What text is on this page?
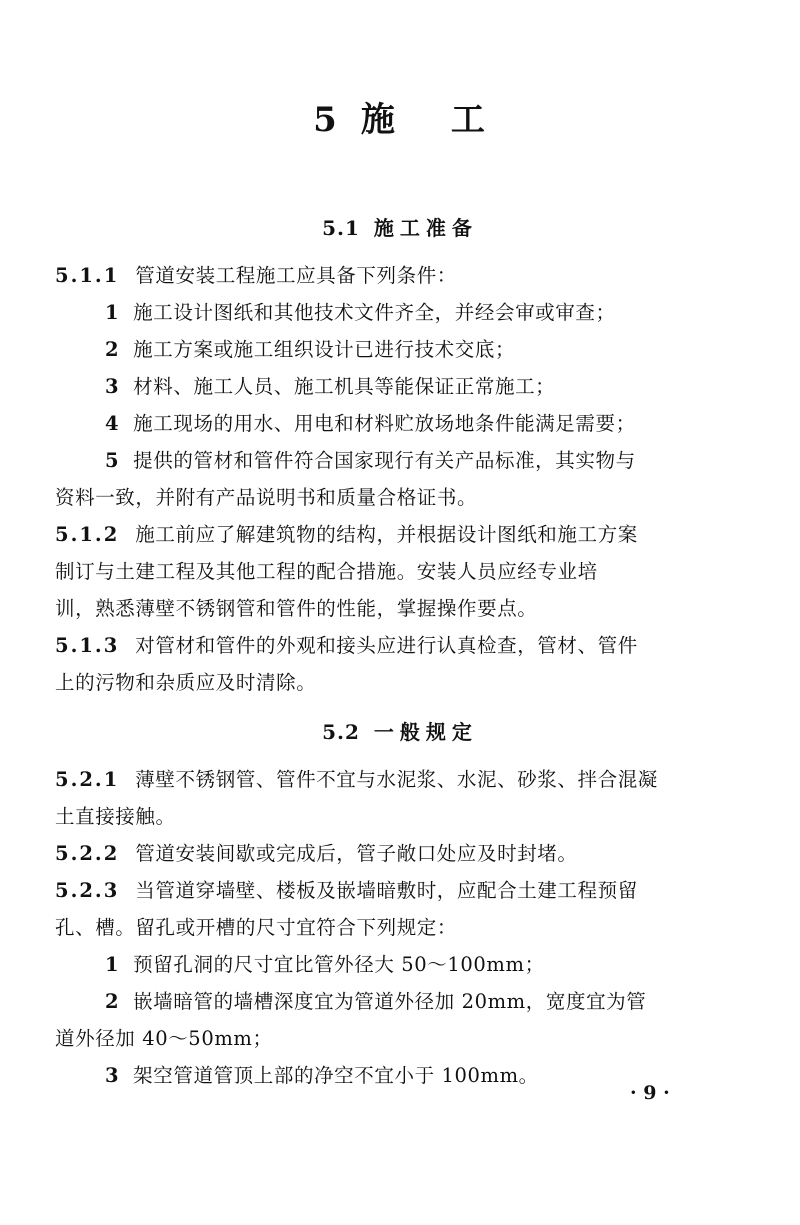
5 施 工
5.1 施工准备
5.1.1 管道安装工程施工应具备下列条件：
1 施工设计图纸和其他技术文件齐全，并经会审或审查；
2 施工方案或施工组织设计已进行技术交底；
3 材料、施工人员、施工机具等能保证正常施工；
4 施工现场的用水、用电和材料贮放场地条件能满足需要；
5 提供的管材和管件符合国家现行有关产品标准，其实物与
资料一致，并附有产品说明书和质量合格证书。
5.1.2 施工前应了解建筑物的结构，并根据设计图纸和施工方案
制订与土建工程及其他工程的配合措施。安装人员应经专业培
训，熟悉薄壁不锈钢管和管件的性能，掌握操作要点。
5.1.3 对管材和管件的外观和接头应进行认真检查，管材、管件
上的污物和杂质应及时清除。
5.2 一般规定
5.2.1 薄壁不锈钢管、管件不宜与水泥浆、水泥、砂浆、拌合混凝
土直接接触。
5.2.2 管道安装间歇或完成后，管子敞口处应及时封堵。
5.2.3 当管道穿墙壁、楼板及嵌墙暗敷时，应配合土建工程预留
孔、槽。留孔或开槽的尺寸宜符合下列规定：
1 预留孔洞的尺寸宜比管外径大 50～100mm；
2 嵌墙暗管的墙槽深度宜为管道外径加 20mm，宽度宜为管
道外径加 40～50mm；
3 架空管道管顶上部的净空不宜小于 100mm。
· 9 ·
